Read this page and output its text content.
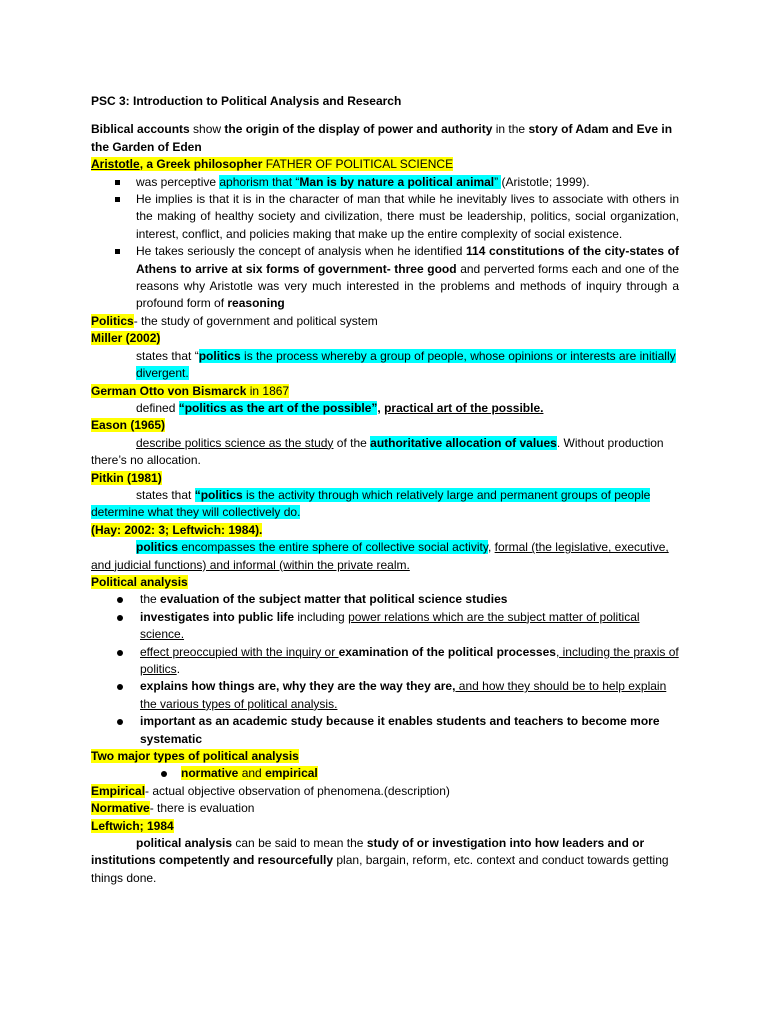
PSC 3: Introduction to Political Analysis and Research

Biblical accounts show the origin of the display of power and authority in the story of Adam and Eve in the Garden of Eden

Aristotle, a Greek philosopher FATHER OF POLITICAL SCIENCE

was perceptive aphorism that “Man is by nature a political animal” (Aristotle; 1999).
He implies is that it is in the character of man that while he inevitably lives to associate with others in the making of healthy society and civilization, there must be leadership, politics, social organization, interest, conflict, and policies making that make up the entire complexity of social existence.
He takes seriously the concept of analysis when he identified 114 constitutions of the city-states of Athens to arrive at six forms of government- three good and perverted forms each and one of the reasons why Aristotle was very much interested in the problems and methods of inquiry through a profound form of reasoning

Politics- the study of government and political system

Miller (2002)

states that “politics is the process whereby a group of people, whose opinions or interests are initially divergent.

German Otto von Bismarck in 1867

defined “politics as the art of the possible”, practical art of the possible.

Eason (1965)

describe politics science as the study of the authoritative allocation of values. Without production there’s no allocation.

Pitkin (1981)

states that “politics is the activity through which relatively large and permanent groups of people determine what they will collectively do.

(Hay: 2002: 3; Leftwich: 1984).

politics encompasses the entire sphere of collective social activity, formal (the legislative, executive, and judicial functions) and informal (within the private realm.

Political analysis

the evaluation of the subject matter that political science studies
investigates into public life including power relations which are the subject matter of political science.
effect preoccupied with the inquiry or examination of the political processes, including the praxis of politics.
explains how things are, why they are the way they are, and how they should be to help explain the various types of political analysis.
important as an academic study because it enables students and teachers to become more systematic

Two major types of political analysis

normative and empirical

Empirical- actual objective observation of phenomena.(description)

Normative- there is evaluation

Leftwich; 1984

political analysis can be said to mean the study of or investigation into how leaders and or institutions competently and resourcefully plan, bargain, reform, etc. context and conduct towards getting things done.
